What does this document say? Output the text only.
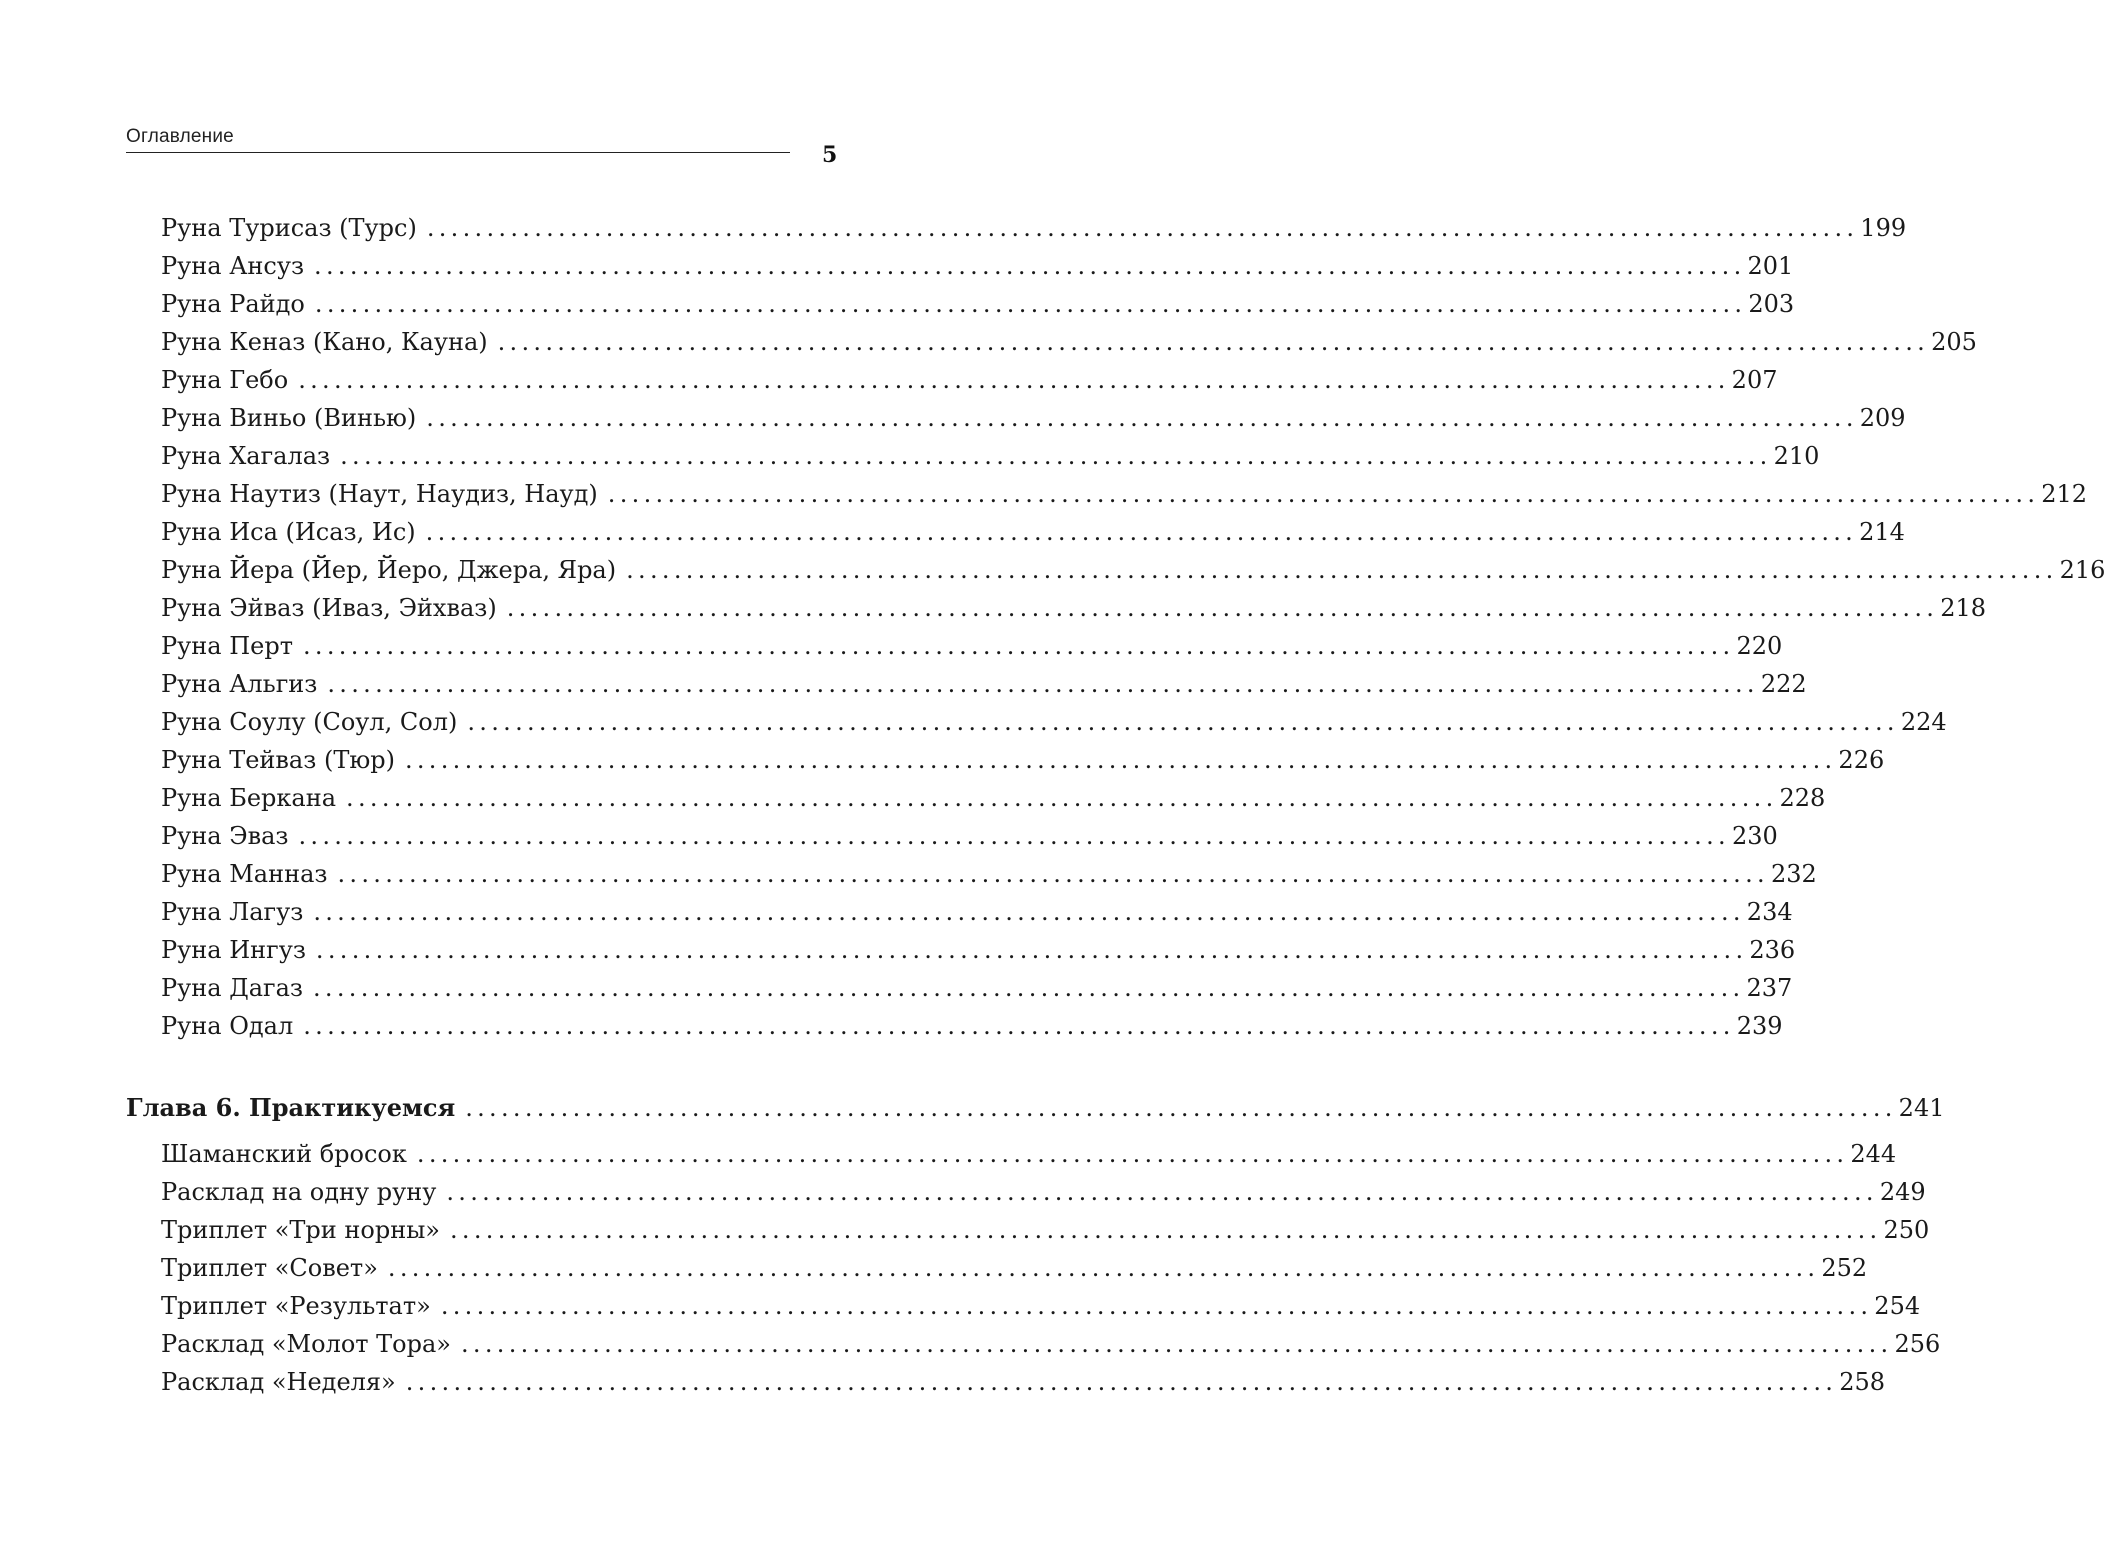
Оглавление
5
Руна Турисаз (Турс) ........................................................................................................................ 199
Руна Ансуз ........................................................................................................................ 201
Руна Райдо ........................................................................................................................ 203
Руна Кеназ (Кано, Кауна) ........................................................................................................................ 205
Руна Гебо ........................................................................................................................ 207
Руна Виньо (Винью) ........................................................................................................................ 209
Руна Хагалаз ........................................................................................................................ 210
Руна Наутиз (Наут, Наудиз, Науд) ........................................................................................................................ 212
Руна Иса (Исаз, Ис) ........................................................................................................................ 214
Руна Йера (Йер, Йеро, Джера, Яра) ........................................................................................................................ 216
Руна Эйваз (Иваз, Эйхваз) ........................................................................................................................ 218
Руна Перт ........................................................................................................................ 220
Руна Альгиз ........................................................................................................................ 222
Руна Соулу (Соул, Сол) ........................................................................................................................ 224
Руна Тейваз (Тюр) ........................................................................................................................ 226
Руна Беркана ........................................................................................................................ 228
Руна Эваз ........................................................................................................................ 230
Руна Манназ ........................................................................................................................ 232
Руна Лагуз ........................................................................................................................ 234
Руна Ингуз ........................................................................................................................ 236
Руна Дагаз ........................................................................................................................ 237
Руна Одал ........................................................................................................................ 239
Глава 6. Практикуемся ........................................................................................................................ 241
Шаманский бросок ........................................................................................................................ 244
Расклад на одну руну ........................................................................................................................ 249
Триплет «Три норны» ........................................................................................................................ 250
Триплет «Совет» ........................................................................................................................ 252
Триплет «Результат» ........................................................................................................................ 254
Расклад «Молот Тора» ........................................................................................................................ 256
Расклад «Неделя» ........................................................................................................................ 258
